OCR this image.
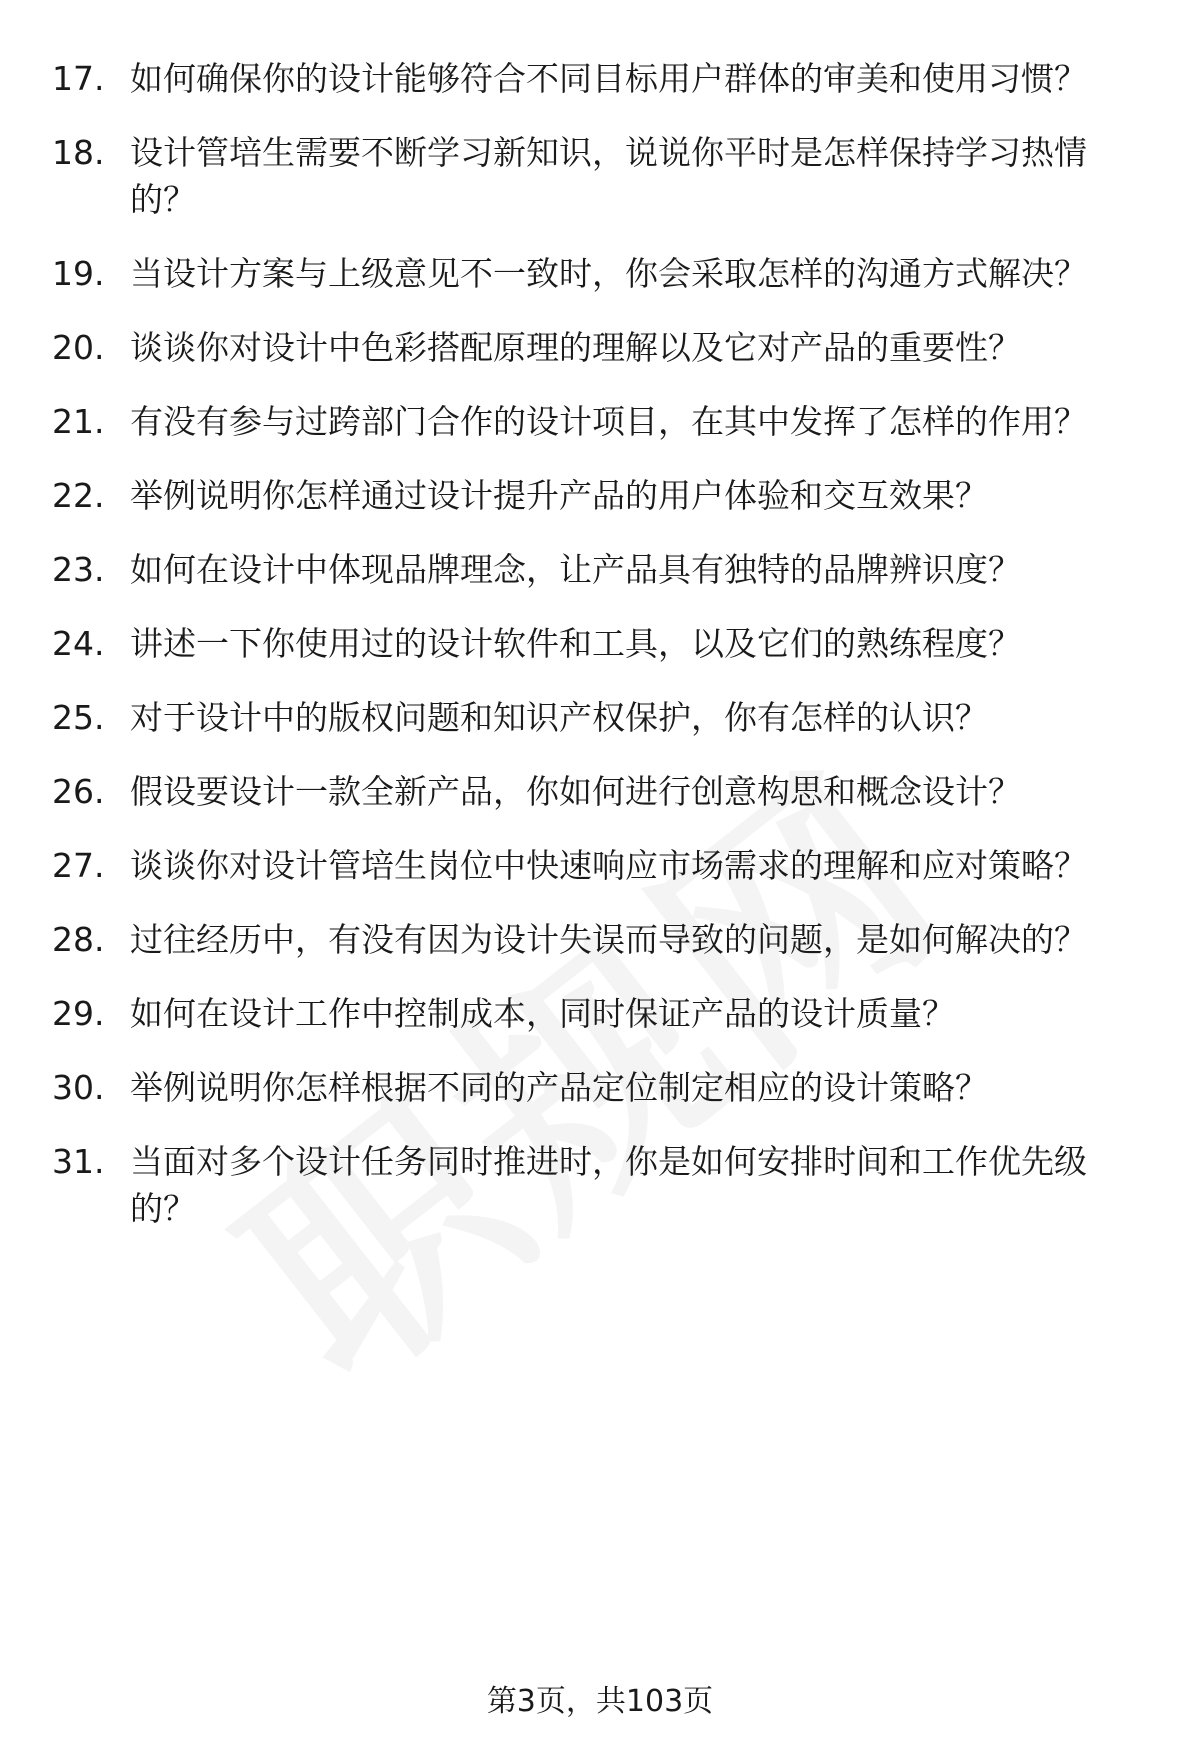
17. 如何确保你的设计能够符合不同目标用户群体的审美和使用习惯？
18. 设计管培生需要不断学习新知识，说说你平时是怎样保持学习热情的？
19. 当设计方案与上级意见不一致时，你会采取怎样的沟通方式解决？
20. 谈谈你对设计中色彩搭配原理的理解以及它对产品的重要性？
21. 有没有参与过跨部门合作的设计项目，在其中发挥了怎样的作用？
22. 举例说明你怎样通过设计提升产品的用户体验和交互效果？
23. 如何在设计中体现品牌理念，让产品具有独特的品牌辨识度？
24. 讲述一下你使用过的设计软件和工具，以及它们的熟练程度？
25. 对于设计中的版权问题和知识产权保护，你有怎样的认识？
26. 假设要设计一款全新产品，你如何进行创意构思和概念设计？
27. 谈谈你对设计管培生岗位中快速响应市场需求的理解和应对策略？
28. 过往经历中，有没有因为设计失误而导致的问题，是如何解决的？
29. 如何在设计工作中控制成本，同时保证产品的设计质量？
30. 举例说明你怎样根据不同的产品定位制定相应的设计策略？
31. 当面对多个设计任务同时推进时，你是如何安排时间和工作优先级的？
第3页，共103页
